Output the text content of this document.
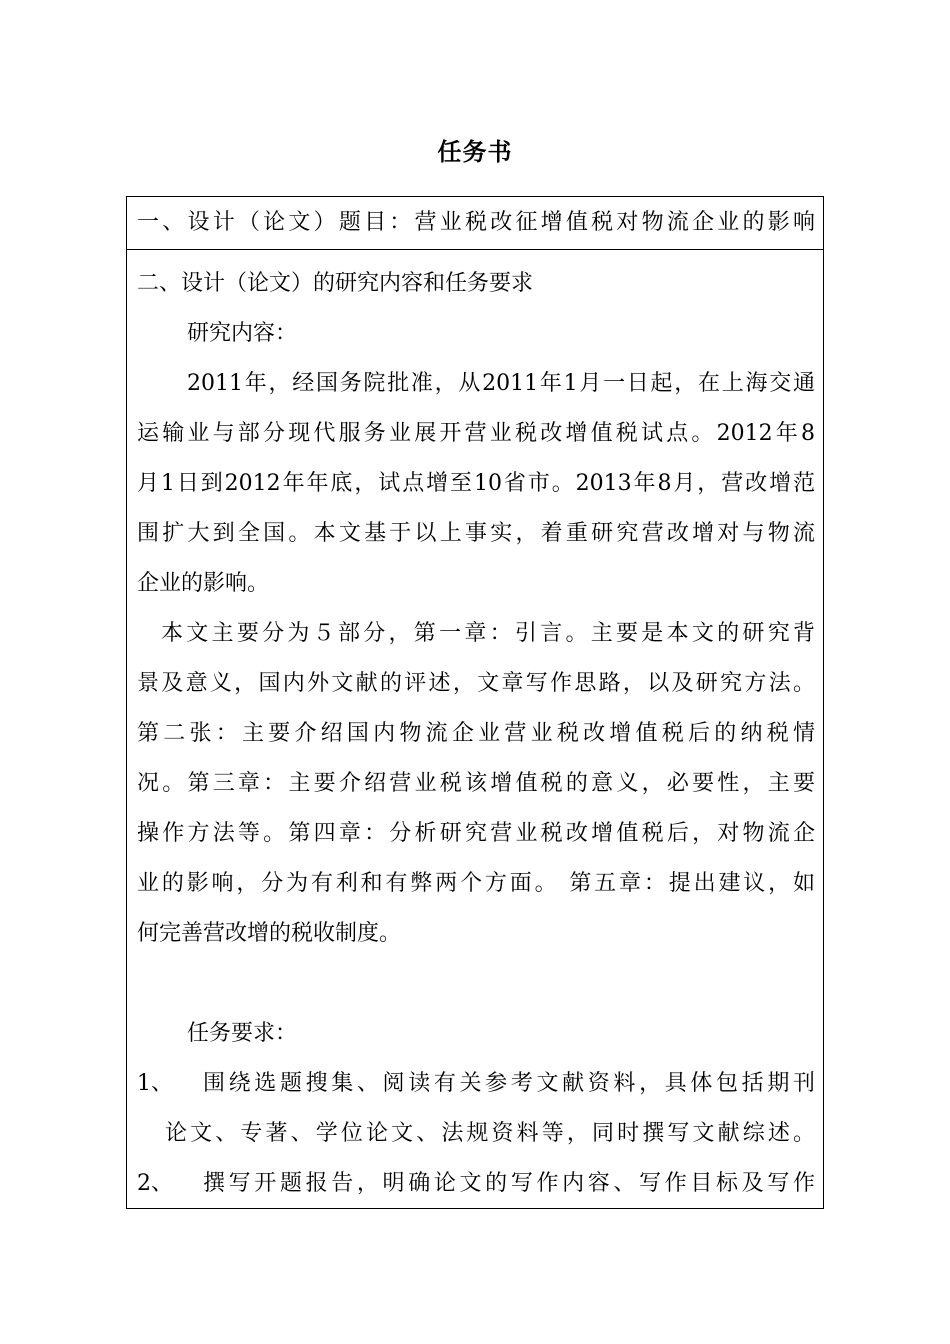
任务书
一、设计（论文）题目：营业税改征增值税对物流企业的影响
二、设计（论文）的研究内容和任务要求
研究内容：
2011年，经国务院批准，从2011年1月一日起，在上海交通
运输业与部分现代服务业展开营业税改增值税试点。2012年8
月1日到2012年年底，试点增至10省市。2013年8月，营改增范
围扩大到全国。本文基于以上事实，着重研究营改增对与物流
企业的影响。
本文主要分为５部分，第一章：引言。主要是本文的研究背
景及意义，国内外文献的评述，文章写作思路，以及研究方法。
第二张：主要介绍国内物流企业营业税改增值税后的纳税情
况。第三章：主要介绍营业税该增值税的意义，必要性，主要
操作方法等。第四章：分析研究营业税改增值税后，对物流企
业的影响，分为有利和有弊两个方面。 第五章：提出建议，如
何完善营改增的税收制度。
任务要求：
1、	围绕选题搜集、阅读有关参考文献资料，具体包括期刊
论文、专著、学位论文、法规资料等，同时撰写文献综述。
2、	撰写开题报告，明确论文的写作内容、写作目标及写作
